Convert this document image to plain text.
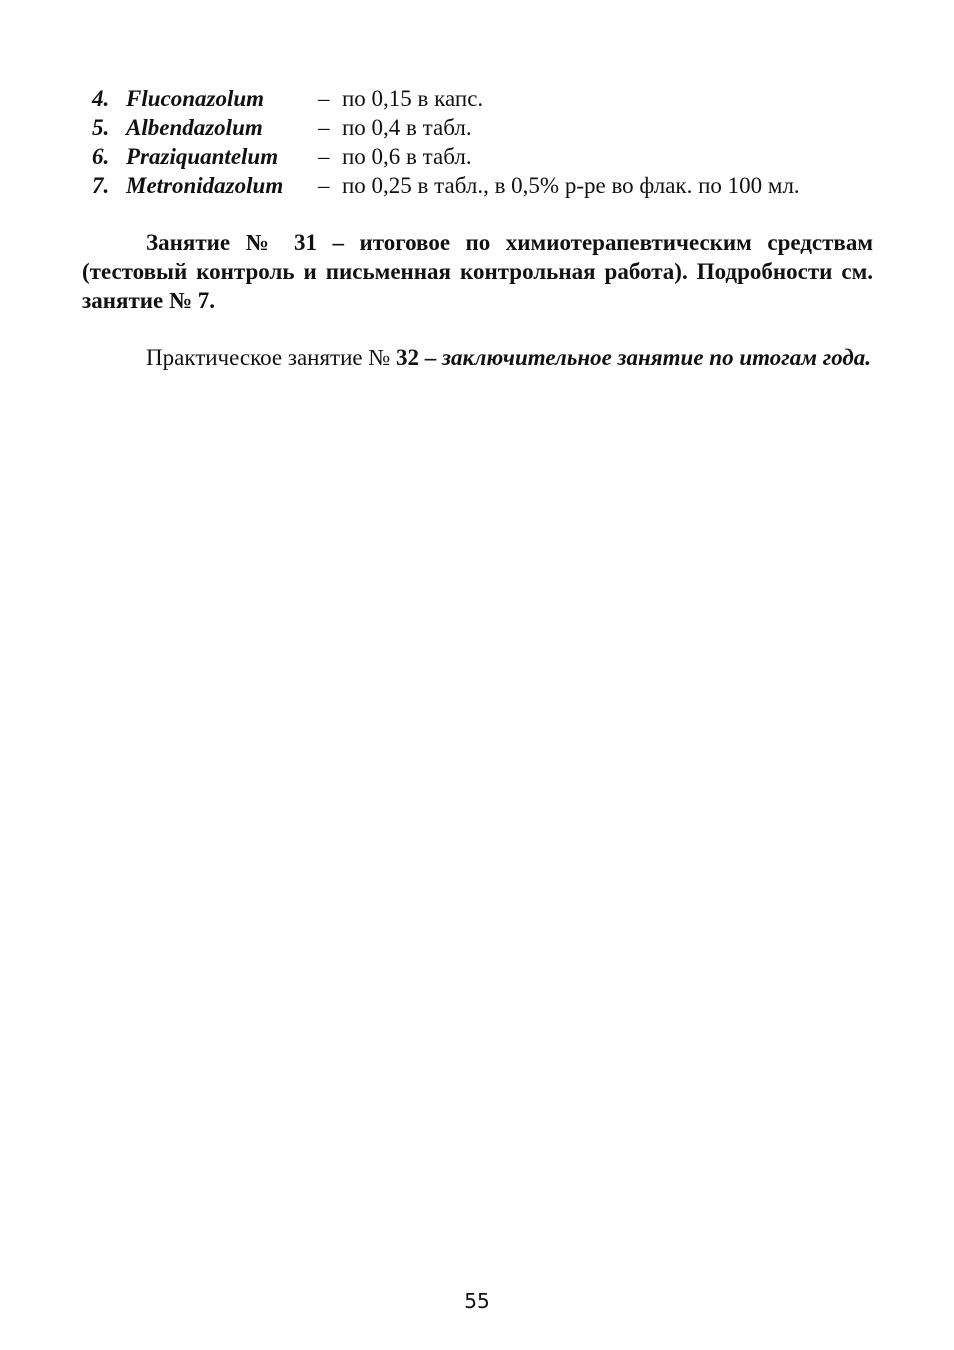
4. Fluconazolum	– по 0,15 в капс.
5. Albendazolum	– по 0,4 в табл.
6. Praziquantelum	– по 0,6 в табл.
7. Metronidazolum	– по 0,25 в табл., в 0,5% р-ре во флак. по 100 мл.

Занятие № 31 – итоговое по химиотерапевтическим средствам (тестовый контроль и письменная контрольная работа). Подробности см. занятие № 7.

Практическое занятие № 32 – заключительное занятие по итогам года.

55
